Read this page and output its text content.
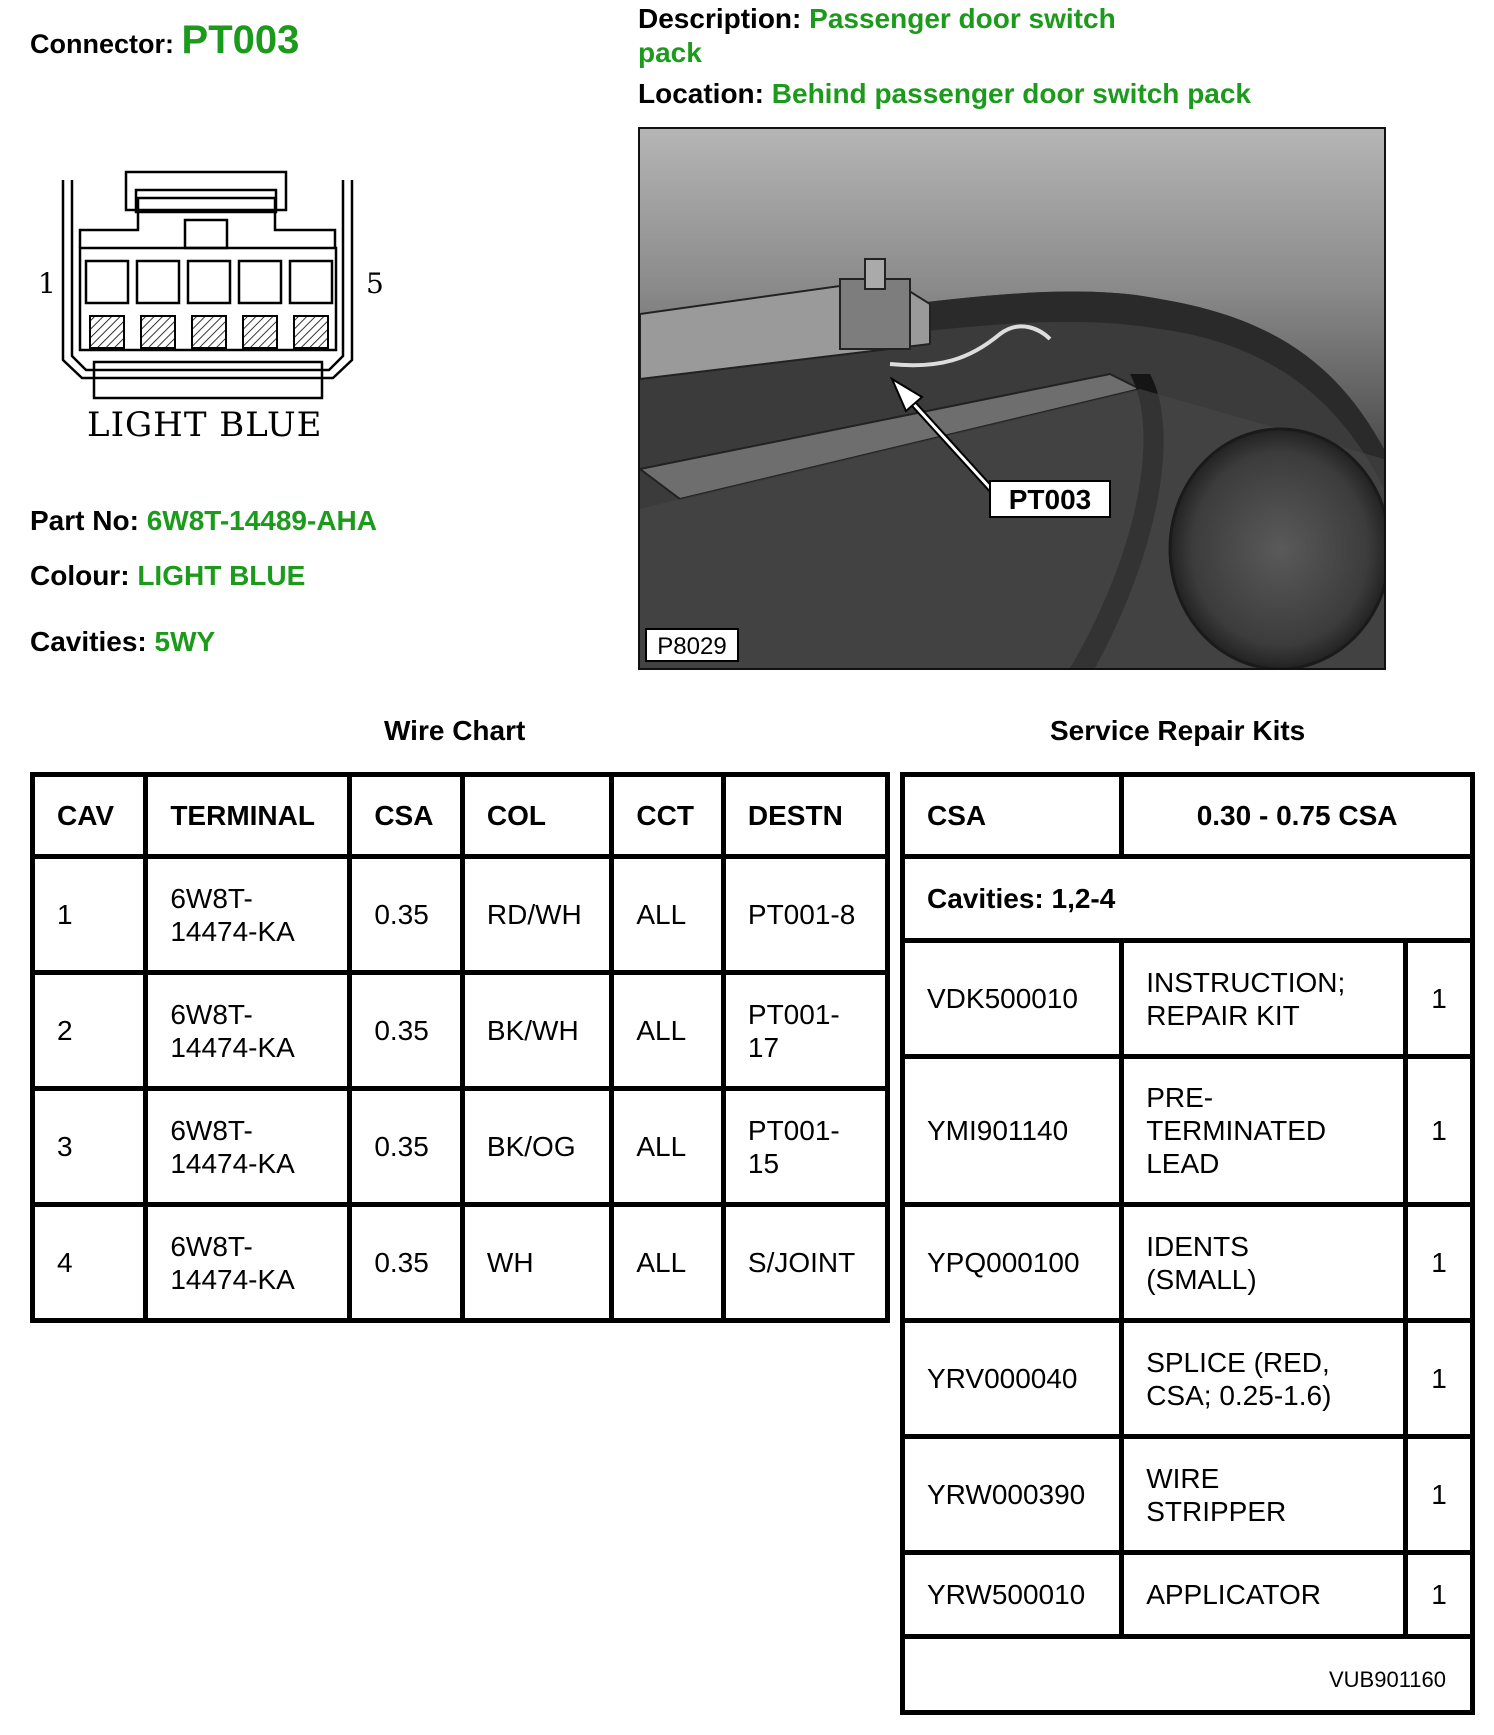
Connector: PT003	Description: Passenger door switch pack
Location: Behind passenger door switch pack
1	5
LIGHT BLUE
Part No: 6W8T-14489-AHA
Colour: LIGHT BLUE
Cavities: 5WY
PT003
P8029
Wire Chart	Service Repair Kits
CAV	TERMINAL	CSA	COL	CCT	DESTN
1	6W8T-14474-KA	0.35	RD/WH	ALL	PT001-8
2	6W8T-14474-KA	0.35	BK/WH	ALL	PT001-17
3	6W8T-14474-KA	0.35	BK/OG	ALL	PT001-15
4	6W8T-14474-KA	0.35	WH	ALL	S/JOINT
CSA	0.30 - 0.75 CSA	
Cavities: 1,2-4		
VDK500010	INSTRUCTION; REPAIR KIT	1
YMI901140	PRE-TERMINATED LEAD	1
YPQ000100	IDENTS (SMALL)	1
YRV000040	SPLICE (RED, CSA; 0.25-1.6)	1
YRW000390	WIRE STRIPPER	1
YRW500010	APPLICATOR	1
VUB901160		
